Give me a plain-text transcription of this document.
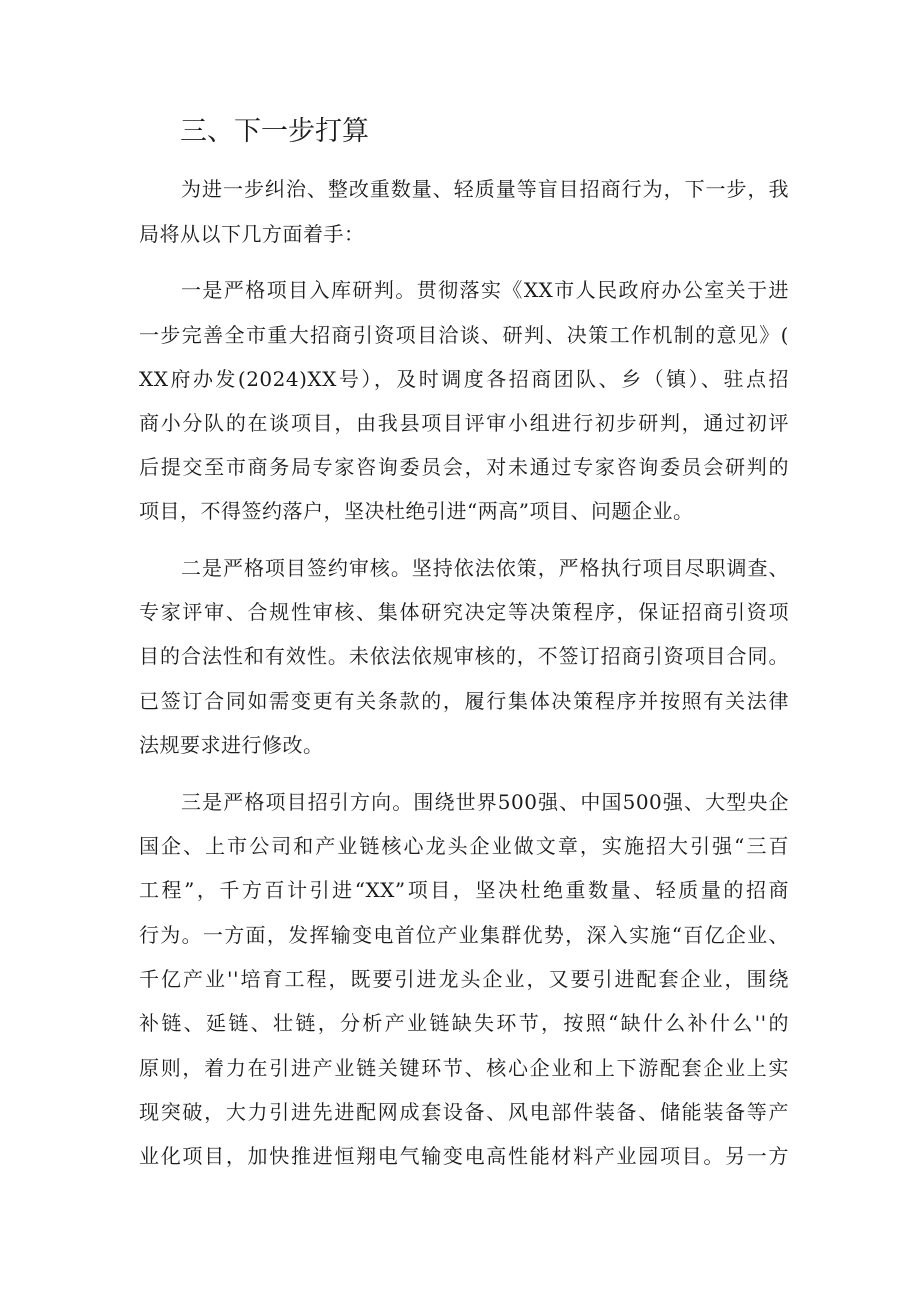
三、下一步打算
为进一步纠治、整改重数量、轻质量等盲目招商行为，下一步，我
局将从以下几方面着手：
一是严格项目入库研判。贯彻落实《XX市人民政府办公室关于进
一步完善全市重大招商引资项目洽谈、研判、决策工作机制的意见》(
XX府办发(2024)XX号），及时调度各招商团队、乡（镇）、驻点招
商小分队的在谈项目，由我县项目评审小组进行初步研判，通过初评
后提交至市商务局专家咨询委员会，对未通过专家咨询委员会研判的
项目，不得签约落户，坚决杜绝引进“两高”项目、问题企业。
二是严格项目签约审核。坚持依法依策，严格执行项目尽职调查、
专家评审、合规性审核、集体研究决定等决策程序，保证招商引资项
目的合法性和有效性。未依法依规审核的，不签订招商引资项目合同。
已签订合同如需变更有关条款的，履行集体决策程序并按照有关法律
法规要求进行修改。
三是严格项目招引方向。围绕世界500强、中国500强、大型央企
国企、上市公司和产业链核心龙头企业做文章，实施招大引强“三百
工程”，千方百计引进“XX”项目，坚决杜绝重数量、轻质量的招商
行为。一方面，发挥输变电首位产业集群优势，深入实施“百亿企业、
千亿产业''培育工程，既要引进龙头企业，又要引进配套企业，围绕
补链、延链、壮链，分析产业链缺失环节，按照“缺什么补什么''的
原则，着力在引进产业链关键环节、核心企业和上下游配套企业上实
现突破，大力引进先进配网成套设备、风电部件装备、储能装备等产
业化项目，加快推进恒翔电气输变电高性能材料产业园项目。另一方
